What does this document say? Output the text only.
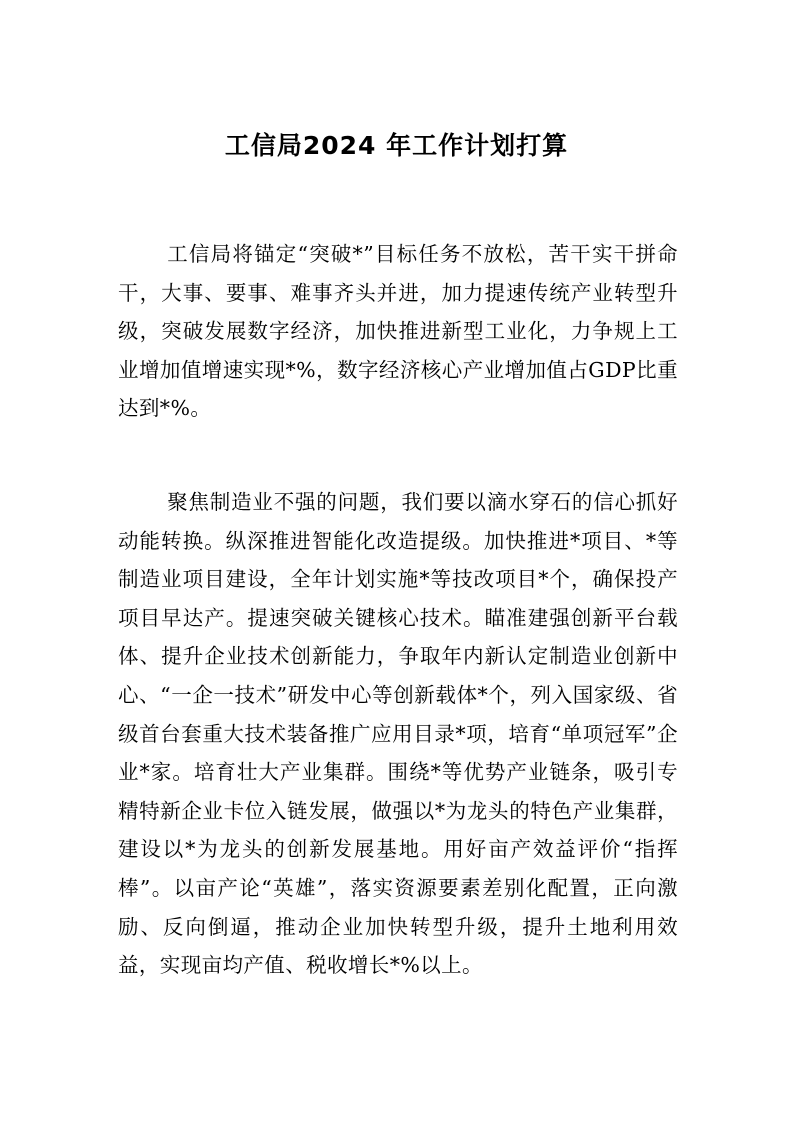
工信局2024 年工作计划打算

工信局将锚定“突破*”目标任务不放松，苦干实干拼命干，大事、要事、难事齐头并进，加力提速传统产业转型升级，突破发展数字经济，加快推进新型工业化，力争规上工业增加值增速实现*%，数字经济核心产业增加值占GDP比重达到*%。

聚焦制造业不强的问题，我们要以滴水穿石的信心抓好动能转换。纵深推进智能化改造提级。加快推进*项目、*等制造业项目建设，全年计划实施*等技改项目*个，确保投产项目早达产。提速突破关键核心技术。瞄准建强创新平台载体、提升企业技术创新能力，争取年内新认定制造业创新中心、“一企一技术”研发中心等创新载体*个，列入国家级、省级首台套重大技术装备推广应用目录*项，培育“单项冠军”企业*家。培育壮大产业集群。围绕*等优势产业链条，吸引专精特新企业卡位入链发展，做强以*为龙头的特色产业集群，建设以*为龙头的创新发展基地。用好亩产效益评价“指挥棒”。以亩产论“英雄”，落实资源要素差别化配置，正向激励、反向倒逼，推动企业加快转型升级，提升土地利用效益，实现亩均产值、税收增长*%以上。
